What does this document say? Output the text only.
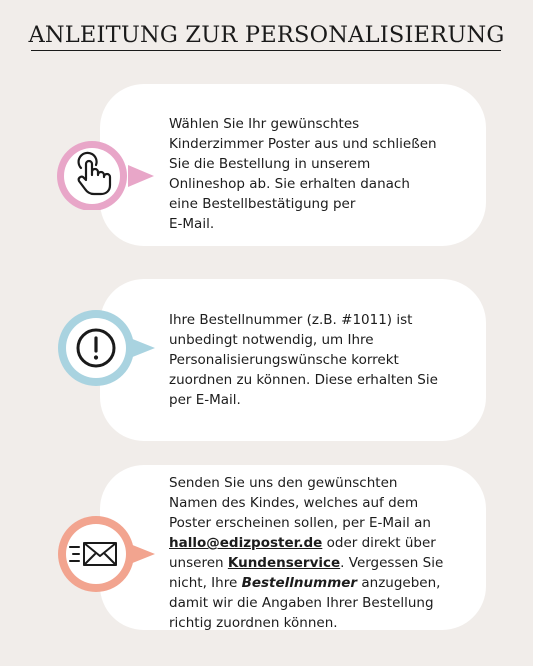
ANLEITUNG ZUR PERSONALISIERUNG
Wählen Sie Ihr gewünschtes
Kinderzimmer Poster aus und schließen
Sie die Bestellung in unserem
Onlineshop ab. Sie erhalten danach
eine Bestellbestätigung per
E-Mail.
Ihre Bestellnummer (z.B. #1011) ist
unbedingt notwendig, um Ihre
Personalisierungswünsche korrekt
zuordnen zu können. Diese erhalten Sie
per E-Mail.
Senden Sie uns den gewünschten
Namen des Kindes, welches auf dem
Poster erscheinen sollen, per E-Mail an
hallo@edizposter.de oder direkt über
unseren Kundenservice. Vergessen Sie
nicht, Ihre Bestellnummer anzugeben,
damit wir die Angaben Ihrer Bestellung
richtig zuordnen können.
